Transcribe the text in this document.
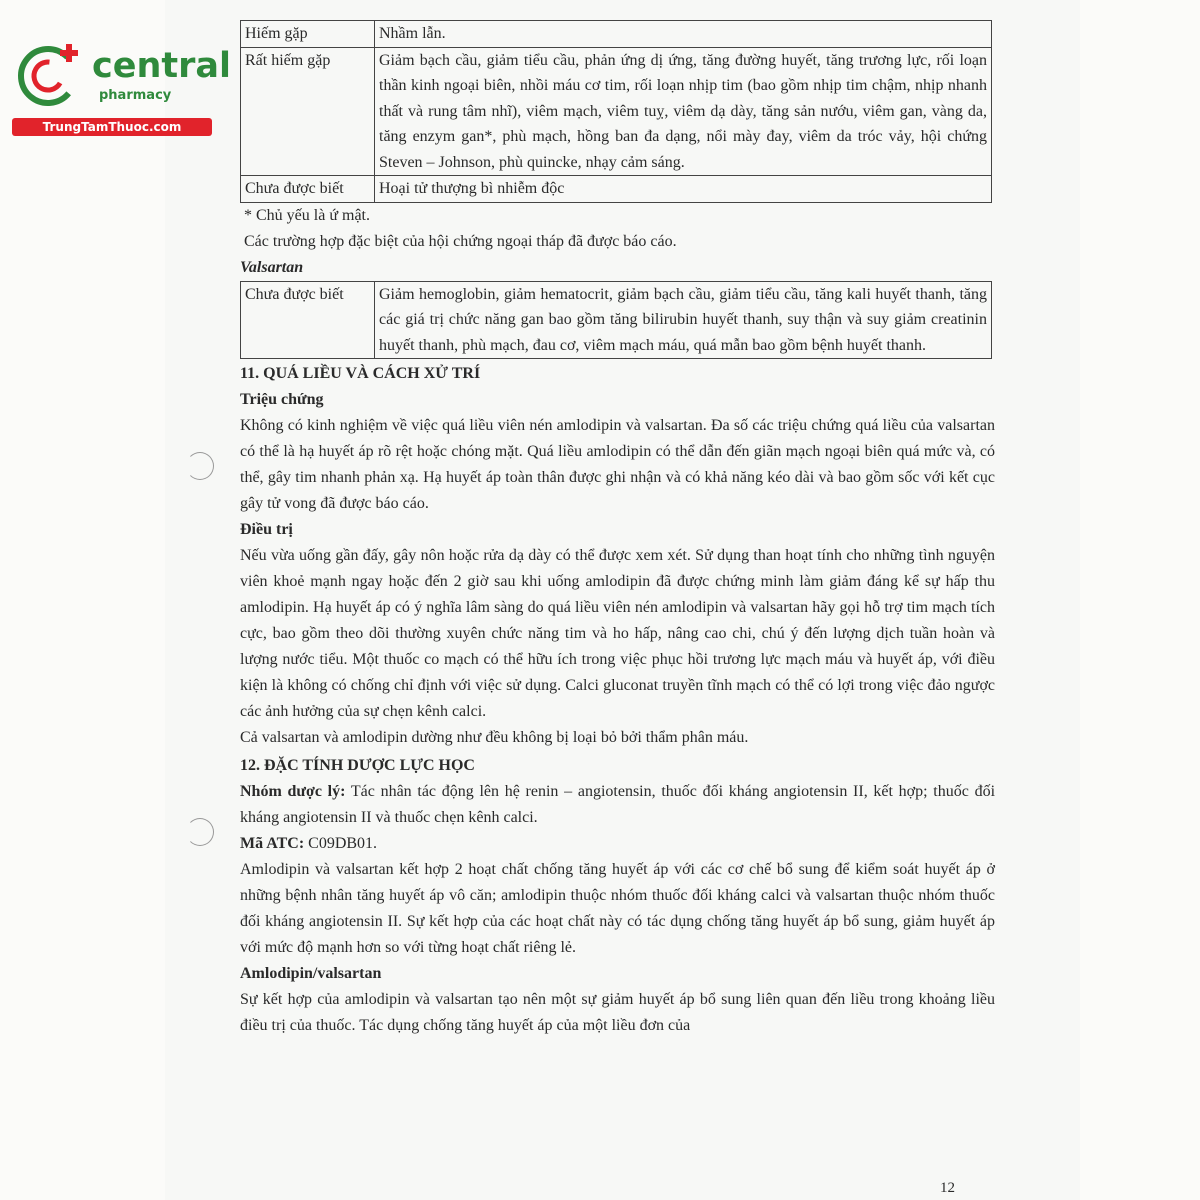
central
pharmacy
TrungTamThuoc.com
Hiếm gặp	Nhầm lẫn.
Rất hiếm gặp	Giảm bạch cầu, giảm tiểu cầu, phản ứng dị ứng, tăng đường huyết, tăng trương lực, rối loạn thần kinh ngoại biên, nhồi máu cơ tim, rối loạn nhịp tim (bao gồm nhịp tim chậm, nhịp nhanh thất và rung tâm nhĩ), viêm mạch, viêm tuỵ, viêm dạ dày, tăng sản nướu, viêm gan, vàng da, tăng enzym gan*, phù mạch, hồng ban đa dạng, nổi mày đay, viêm da tróc vảy, hội chứng Steven – Johnson, phù quincke, nhạy cảm sáng.
Chưa được biết	Hoại tử thượng bì nhiễm độc

* Chủ yếu là ứ mật.

Các trường hợp đặc biệt của hội chứng ngoại tháp đã được báo cáo.

Valsartan

Chưa được biết	Giảm hemoglobin, giảm hematocrit, giảm bạch cầu, giảm tiểu cầu, tăng kali huyết thanh, tăng các giá trị chức năng gan bao gồm tăng bilirubin huyết thanh, suy thận và suy giảm creatinin huyết thanh, phù mạch, đau cơ, viêm mạch máu, quá mẫn bao gồm bệnh huyết thanh.

11. QUÁ LIỀU VÀ CÁCH XỬ TRÍ

Triệu chứng

Không có kinh nghiệm về việc quá liều viên nén amlodipin và valsartan. Đa số các triệu chứng quá liều của valsartan có thể là hạ huyết áp rõ rệt hoặc chóng mặt. Quá liều amlodipin có thể dẫn đến giãn mạch ngoại biên quá mức và, có thể, gây tim nhanh phản xạ. Hạ huyết áp toàn thân được ghi nhận và có khả năng kéo dài và bao gồm sốc với kết cục gây tử vong đã được báo cáo.

Điều trị

Nếu vừa uống gần đấy, gây nôn hoặc rửa dạ dày có thể được xem xét. Sử dụng than hoạt tính cho những tình nguyện viên khoẻ mạnh ngay hoặc đến 2 giờ sau khi uống amlodipin đã được chứng minh làm giảm đáng kể sự hấp thu amlodipin. Hạ huyết áp có ý nghĩa lâm sàng do quá liều viên nén amlodipin và valsartan hãy gọi hỗ trợ tim mạch tích cực, bao gồm theo dõi thường xuyên chức năng tim và ho hấp, nâng cao chi, chú ý đến lượng dịch tuần hoàn và lượng nước tiểu. Một thuốc co mạch có thể hữu ích trong việc phục hồi trương lực mạch máu và huyết áp, với điều kiện là không có chống chỉ định với việc sử dụng. Calci gluconat truyền tĩnh mạch có thể có lợi trong việc đảo ngược các ảnh hưởng của sự chẹn kênh calci.

Cả valsartan và amlodipin dường như đều không bị loại bỏ bởi thẩm phân máu.

12. ĐẶC TÍNH DƯỢC LỰC HỌC

Nhóm dược lý: Tác nhân tác động lên hệ renin – angiotensin, thuốc đối kháng angiotensin II, kết hợp; thuốc đối kháng angiotensin II và thuốc chẹn kênh calci.

Mã ATC: C09DB01.

Amlodipin và valsartan kết hợp 2 hoạt chất chống tăng huyết áp với các cơ chế bổ sung để kiểm soát huyết áp ở những bệnh nhân tăng huyết áp vô căn; amlodipin thuộc nhóm thuốc đối kháng calci và valsartan thuộc nhóm thuốc đối kháng angiotensin II. Sự kết hợp của các hoạt chất này có tác dụng chống tăng huyết áp bổ sung, giảm huyết áp với mức độ mạnh hơn so với từng hoạt chất riêng lẻ.

Amlodipin/valsartan

Sự kết hợp của amlodipin và valsartan tạo nên một sự giảm huyết áp bổ sung liên quan đến liều trong khoảng liều điều trị của thuốc. Tác dụng chống tăng huyết áp của một liều đơn của

12
